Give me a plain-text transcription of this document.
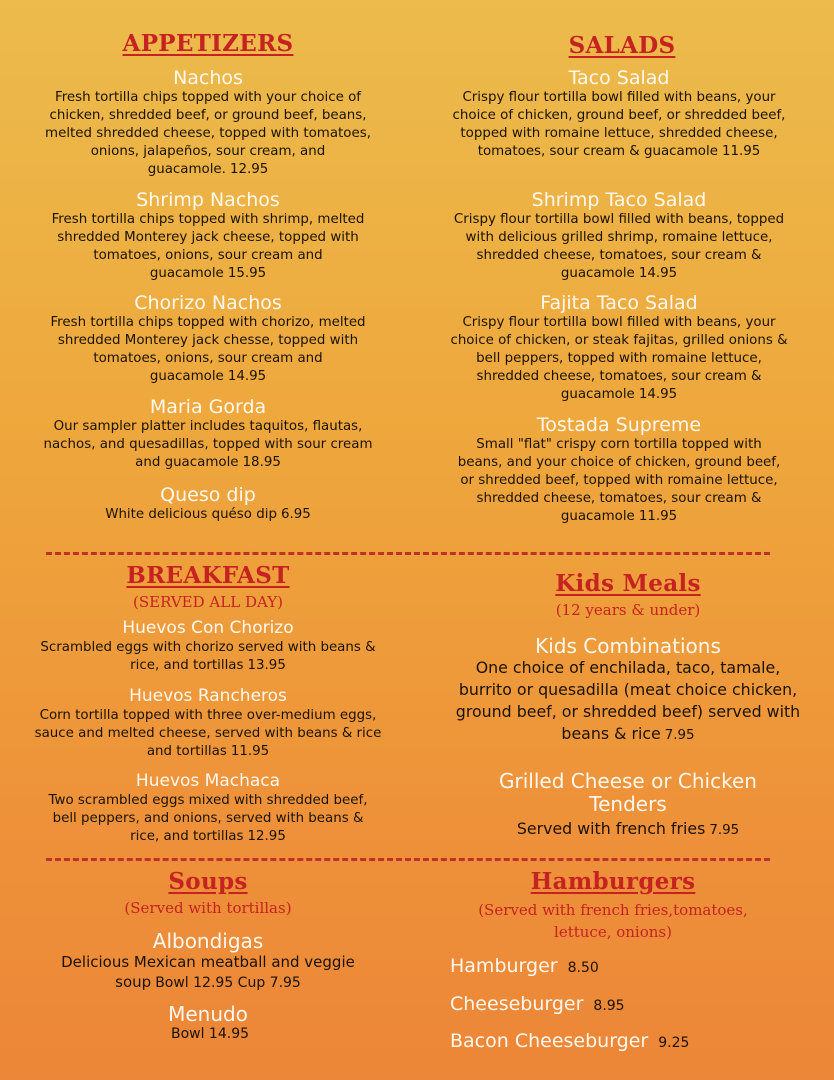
APPETIZERS
Nachos
Fresh tortilla chips topped with your choice of chicken, shredded beef, or ground beef, beans, melted shredded cheese, topped with tomatoes, onions, jalapeños, sour cream, and guacamole. 12.95
Shrimp Nachos
Fresh tortilla chips topped with shrimp, melted shredded Monterey jack cheese, topped with tomatoes, onions, sour cream and guacamole 15.95
Chorizo Nachos
Fresh tortilla chips topped with chorizo, melted shredded Monterey jack chesse, topped with tomatoes, onions, sour cream and guacamole 14.95
Maria Gorda
Our sampler platter includes taquitos, flautas, nachos, and quesadillas, topped with sour cream and guacamole 18.95
Queso dip
White delicious quéso dip 6.95
SALADS
Taco Salad
Crispy flour tortilla bowl filled with beans, your choice of chicken, ground beef, or shredded beef, topped with romaine lettuce, shredded cheese, tomatoes, sour cream & guacamole 11.95
Shrimp Taco Salad
Crispy flour tortilla bowl filled with beans, topped with delicious grilled shrimp, romaine lettuce, shredded cheese, tomatoes, sour cream & guacamole 14.95
Fajita Taco Salad
Crispy flour tortilla bowl filled with beans, your choice of chicken, or steak fajitas, grilled onions & bell peppers, topped with romaine lettuce, shredded cheese, tomatoes, sour cream & guacamole 14.95
Tostada Supreme
Small "flat" crispy corn tortilla topped with beans, and your choice of chicken, ground beef, or shredded beef, topped with romaine lettuce, shredded cheese, tomatoes, sour cream & guacamole 11.95
BREAKFAST
(SERVED ALL DAY)
Huevos Con Chorizo
Scrambled eggs with chorizo served with beans & rice, and tortillas 13.95
Huevos Rancheros
Corn tortilla topped with three over-medium eggs, sauce and melted cheese, served with beans & rice and tortillas 11.95
Huevos Machaca
Two scrambled eggs mixed with shredded beef, bell peppers, and onions, served with beans & rice, and tortillas 12.95
Kids Meals
(12 years & under)
Kids Combinations
One choice of enchilada, taco, tamale, burrito or quesadilla (meat choice chicken, ground beef, or shredded beef) served with beans & rice 7.95
Grilled Cheese or Chicken Tenders
Served with french fries 7.95
Soups
(Served with tortillas)
Albondigas
Delicious Mexican meatball and veggie soup Bowl 12.95 Cup 7.95
Menudo
Bowl 14.95
Hamburgers
(Served with french fries,tomatoes, lettuce, onions)
Hamburger 8.50
Cheeseburger 8.95
Bacon Cheeseburger 9.25
